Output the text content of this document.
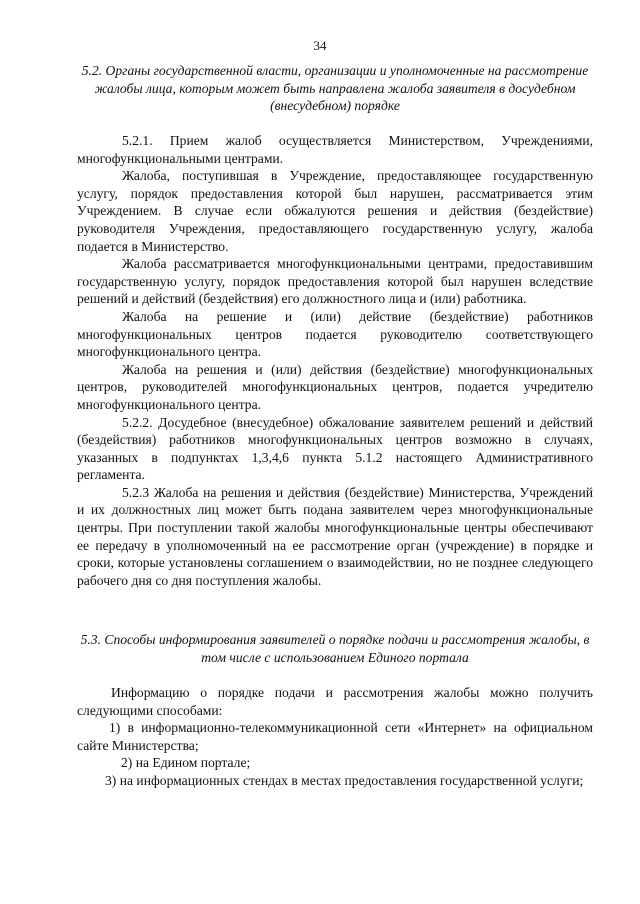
34
5.2. Органы государственной власти, организации и уполномоченные на рассмотрение жалобы лица, которым может быть направлена жалоба заявителя в досудебном (внесудебном) порядке

5.2.1. Прием жалоб осуществляется Министерством, Учреждениями, многофункциональными центрами.

Жалоба, поступившая в Учреждение, предоставляющее государственную услугу, порядок предоставления которой был нарушен, рассматривается этим Учреждением. В случае если обжалуются решения и действия (бездействие) руководителя Учреждения, предоставляющего государственную услугу, жалоба подается в Министерство.

Жалоба рассматривается многофункциональными центрами, предоставившим государственную услугу, порядок предоставления которой был нарушен вследствие решений и действий (бездействия) его должностного лица и (или) работника.

Жалоба на решение и (или) действие (бездействие) работников многофункциональных центров подается руководителю соответствующего многофункционального центра.

Жалоба на решения и (или) действия (бездействие) многофункциональных центров, руководителей многофункциональных центров, подается учредителю многофункционального центра.

5.2.2. Досудебное (внесудебное) обжалование заявителем решений и действий (бездействия) работников многофункциональных центров возможно в случаях, указанных в подпунктах 1,3,4,6 пункта 5.1.2 настоящего Административного регламента.

5.2.3 Жалоба на решения и действия (бездействие) Министерства, Учреждений и их должностных лиц может быть подана заявителем через многофункциональные центры. При поступлении такой жалобы многофункциональные центры обеспечивают ее передачу в уполномоченный на ее рассмотрение орган (учреждение) в порядке и сроки, которые установлены соглашением о взаимодействии, но не позднее следующего рабочего дня со дня поступления жалобы.

5.3. Способы информирования заявителей о порядке подачи и рассмотрения жалобы, в том числе с использованием Единого портала

Информацию о порядке подачи и рассмотрения жалобы можно получить следующими способами:

1) в информационно-телекоммуникационной сети «Интернет» на официальном сайте Министерства;

2) на Едином портале;

3) на информационных стендах в местах предоставления государственной услуги;
